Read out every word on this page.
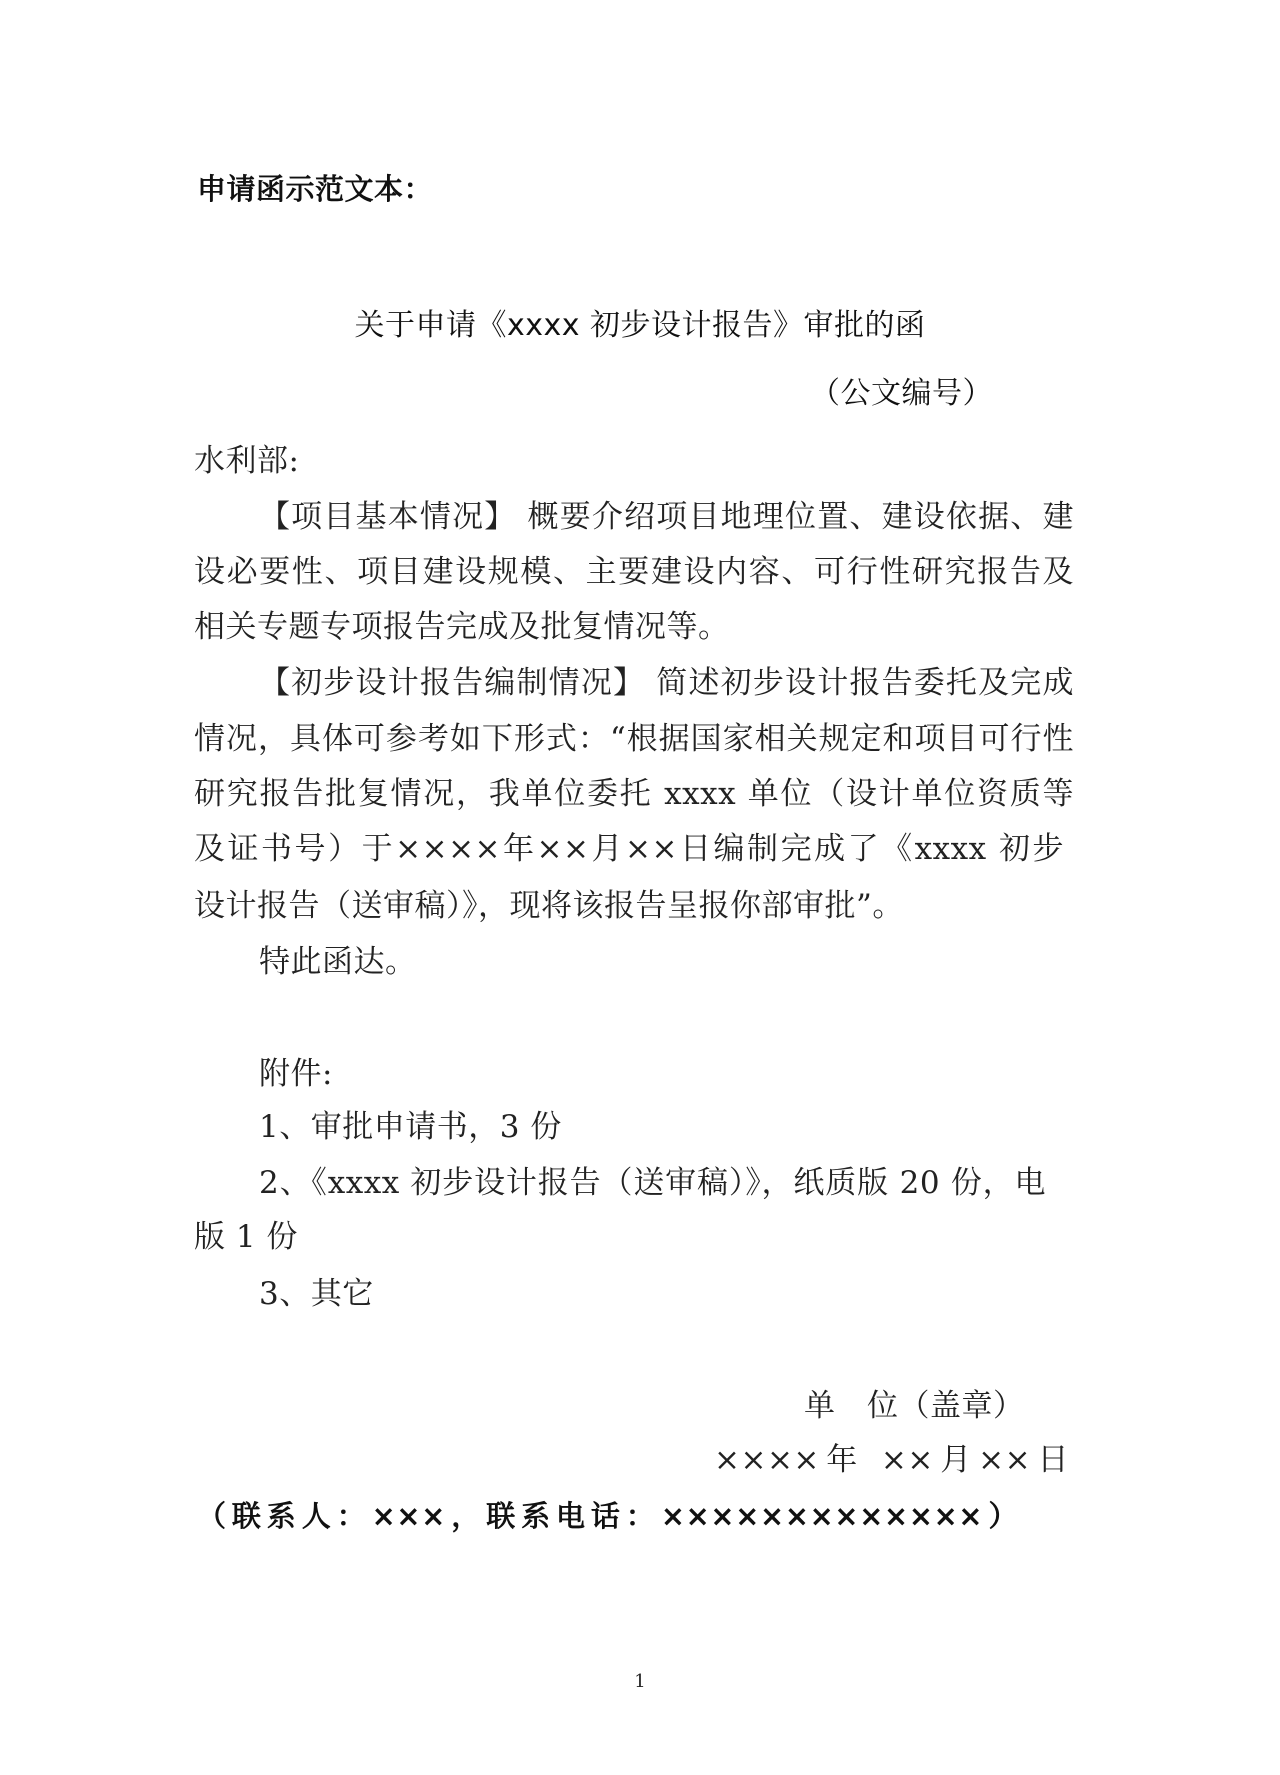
申请函示范文本：
关于申请《xxxx 初步设计报告》审批的函
（公文编号）
水利部:
【项目基本情况】 概要介绍项目地理位置、建设依据、建
设必要性、项目建设规模、主要建设内容、可行性研究报告及
相关专题专项报告完成及批复情况等。
【初步设计报告编制情况】 简述初步设计报告委托及完成
情况，具体可参考如下形式：“根据国家相关规定和项目可行性
研究报告批复情况，我单位委托 xxxx 单位（设计单位资质等
及证书号）于××××年××月××日编制完成了《xxxx 初步
设计报告（送审稿）》，现将该报告呈报你部审批”。
特此函达。
附件:
1、审批申请书，3 份
2、《xxxx 初步设计报告（送审稿）》，纸质版 20 份，电
版 1 份
3、其它
单　位（盖章）
××××年 ××月××日
（联系人：×××，联系电话：×××××××××××××）
1
